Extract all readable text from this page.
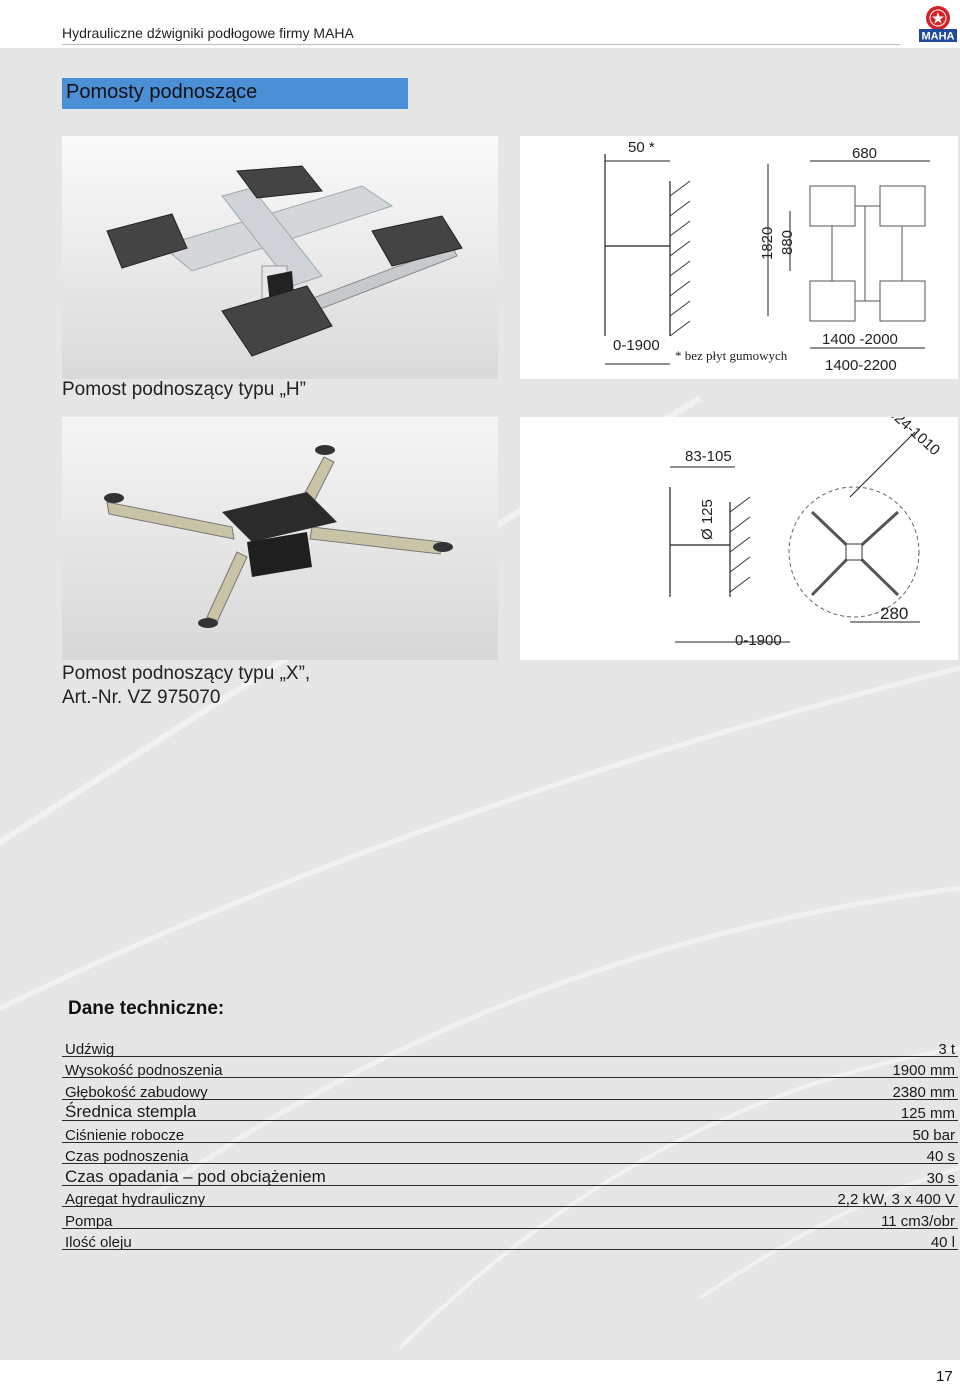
Hydrauliczne dźwigniki podłogowe firmy MAHA	MAHA
Pomosty podnoszące
50 *
0-1900
* bez płyt gumowych
1820 880
680
1400 -2000
1400-2200
Pomost podnoszący typu „H”
83-105
Ø 125
0-1900
624-1010
280
Pomost podnoszący typu „X”,
Art.-Nr. VZ 975070
Dane techniczne:
Udźwig	3 t
Wysokość podnoszenia	1900 mm
Głębokość zabudowy	2380 mm
Średnica stempla	125 mm
Ciśnienie robocze	50 bar
Czas podnoszenia	40 s
Czas opadania – pod obciążeniem	30 s
Agregat hydrauliczny	2,2 kW, 3 x 400 V
Pompa	11 cm3/obr
Ilość oleju	40 l
17
